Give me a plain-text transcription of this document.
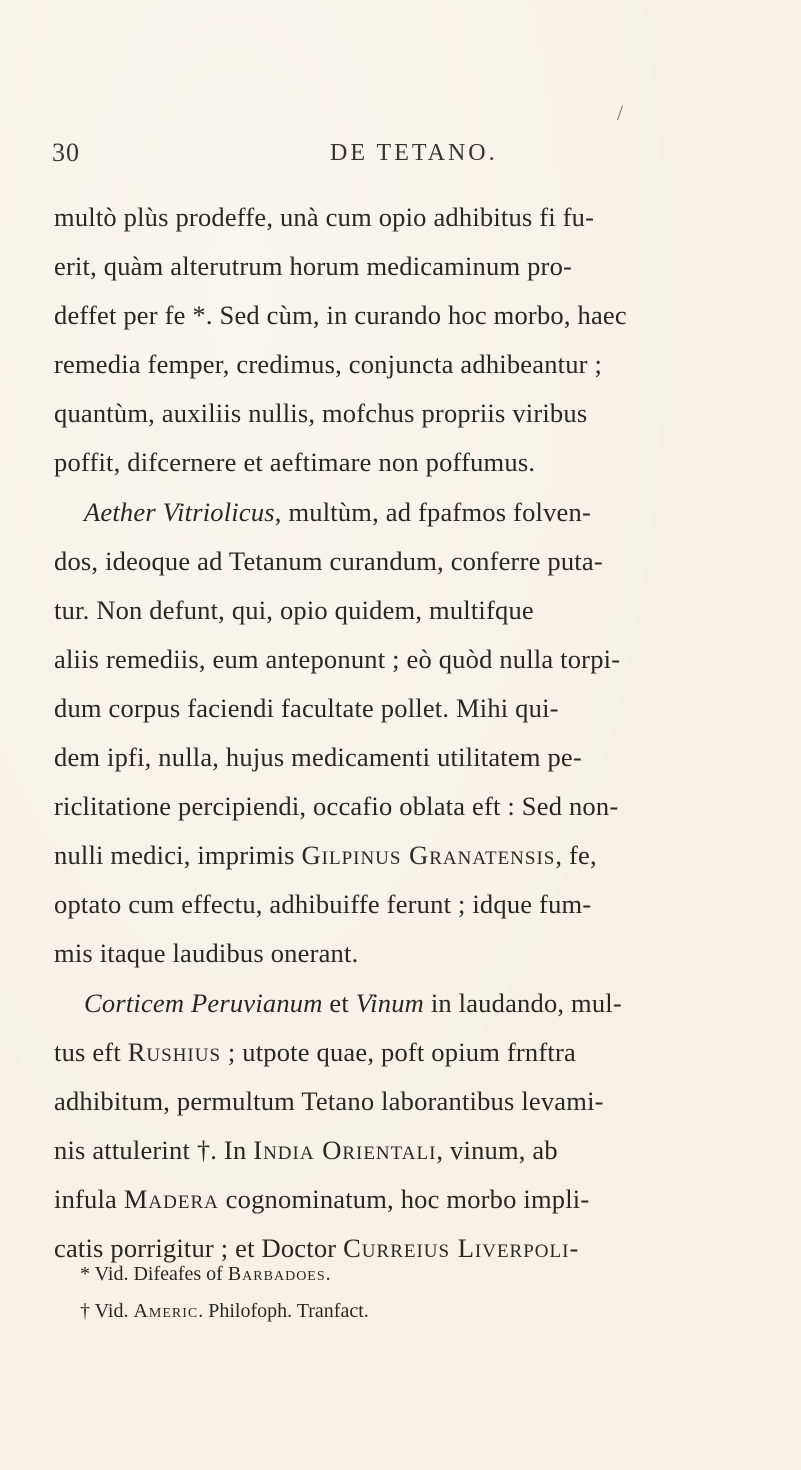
/
30	DE TETANO.
multò plùs prodeffe, unà cum opio adhibitus fi fu-
erit, quàm alterutrum horum medicaminum pro-
deffet per fe *. Sed cùm, in curando hoc morbo, haec
remedia femper, credimus, conjuncta adhibeantur ;
quantùm, auxiliis nullis, mofchus propriis viribus
poffit, difcernere et aeftimare non poffumus.
Aether Vitriolicus, multùm, ad fpafmos folven-
dos, ideoque ad Tetanum curandum, conferre puta-
tur. Non defunt, qui, opio quidem, multifque
aliis remediis, eum anteponunt ; eò quòd nulla torpi-
dum corpus faciendi facultate pollet. Mihi qui-
dem ipfi, nulla, hujus medicamenti utilitatem pe-
riclitatione percipiendi, occafio oblata eft : Sed non-
nulli medici, imprimis Gilpinus Granatensis, fe,
optato cum effectu, adhibuiffe ferunt ; idque fum-
mis itaque laudibus onerant.
Corticem Peruvianum et Vinum in laudando, mul-
tus eft Rushius ; utpote quae, poft opium frnftra
adhibitum, permultum Tetano laborantibus levami-
nis attulerint †. In India Orientali, vinum, ab
infula Madera cognominatum, hoc morbo impli-
catis porrigitur ; et Doctor Curreius Liverpoli-
* Vid. Difeafes of Barbadoes.
† Vid. Americ. Philofoph. Tranfact.
